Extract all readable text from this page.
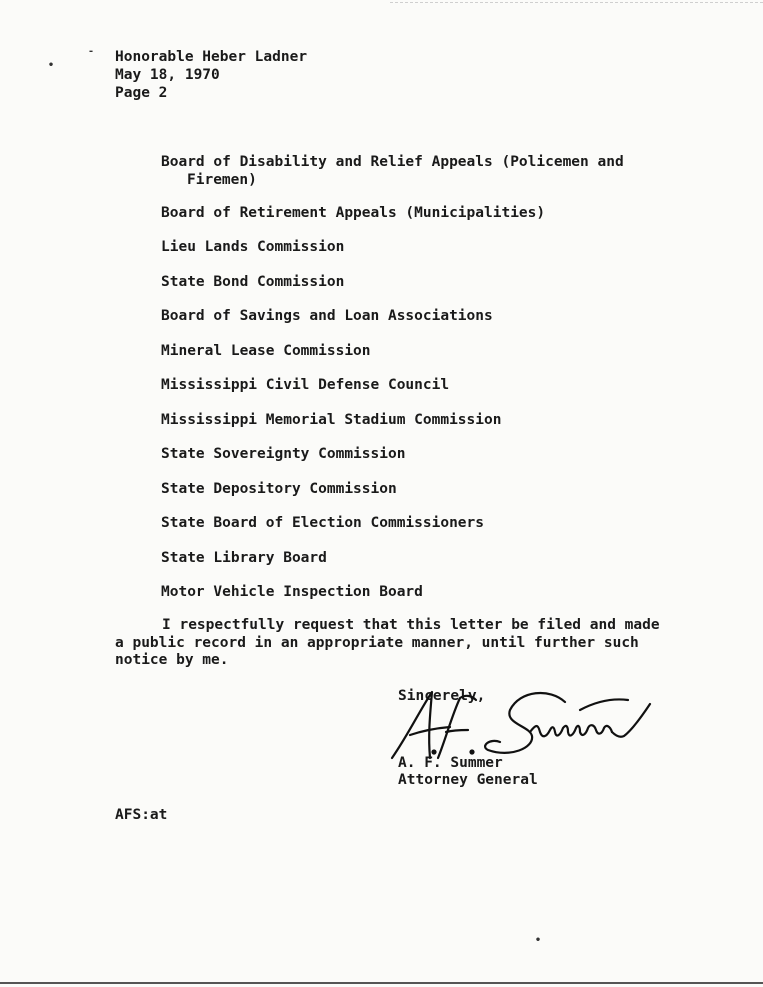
-
•
Honorable Heber Ladner
May 18, 1970
Page 2
Board of Disability and Relief Appeals (Policemen and
Firemen)
Board of Retirement Appeals (Municipalities)
Lieu Lands Commission
State Bond Commission
Board of Savings and Loan Associations
Mineral Lease Commission
Mississippi Civil Defense Council
Mississippi Memorial Stadium Commission
State Sovereignty Commission
State Depository Commission
State Board of Election Commissioners
State Library Board
Motor Vehicle Inspection Board
I respectfully request that this letter be filed and made
a public record in an appropriate manner, until further such
notice by me.
Sincerely,
A. F. Summer
Attorney General
AFS:at
•
